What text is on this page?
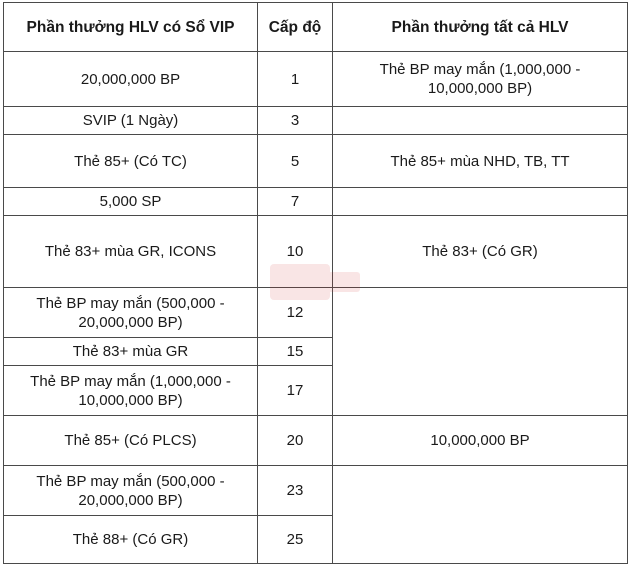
Phần thưởng HLV có Sổ VIP	Cấp độ	Phần thưởng tất cả HLV
20,000,000 BP	1	Thẻ BP may mắn (1,000,000 - 10,000,000 BP)
SVIP (1 Ngày)	3	
Thẻ 85+ (Có TC)	5	Thẻ 85+ mùa NHD, TB, TT
5,000 SP	7	
Thẻ 83+ mùa GR, ICONS	10	Thẻ 83+ (Có GR)
Thẻ BP may mắn (500,000 - 20,000,000 BP)	12	
Thẻ 83+ mùa GR	15	
Thẻ BP may mắn (1,000,000 - 10,000,000 BP)	17	
Thẻ 85+ (Có PLCS)	20	10,000,000 BP
Thẻ BP may mắn (500,000 - 20,000,000 BP)	23	
Thẻ 88+ (Có GR)	25	
